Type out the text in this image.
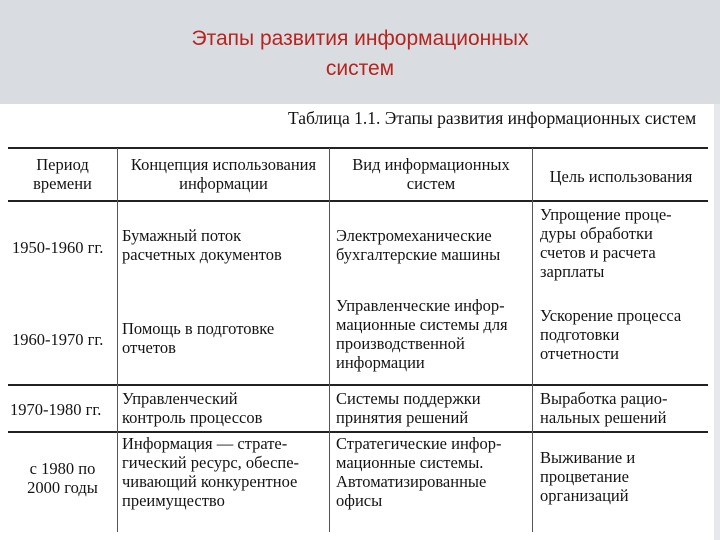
Этапы развития информационных
систем
Таблица 1.1. Этапы развития информационных систем
Период
времени
Концепция использования
информации
Вид информационных
систем	Цель использования
1950-1960 гг.
Бумажный поток
расчетных документов
Электромеханические
бухгалтерские машины
Упрощение проце-
дуры обработки
счетов и расчета
зарплаты
1960-1970 гг.
Помощь в подготовке
отчетов
Управленческие инфор-
мационные системы для
производственной
информации
Ускорение процесса
подготовки
отчетности
1970-1980 гг.
Управленческий
контроль процессов
Системы поддержки
принятия решений
Выработка рацио-
нальных решений
с 1980 по
2000 годы
Информация — страте-
гический ресурс, обеспе-
чивающий конкурентное
преимущество
Стратегические инфор-
мационные системы.
Автоматизированные
офисы
Выживание и
процветание
организаций
